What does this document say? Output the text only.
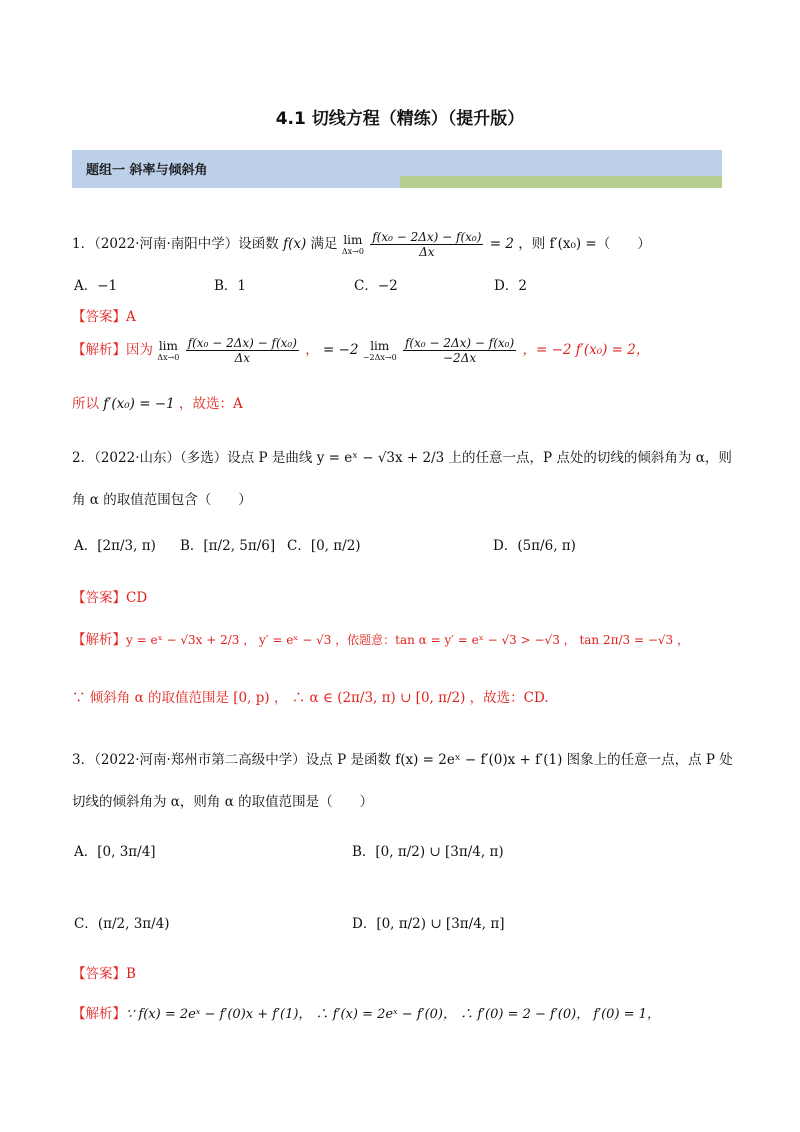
4.1 切线方程（精练）（提升版）
题组一 斜率与倾斜角
1．（2022·河南·南阳中学）设函数 f(x) 满足 lim
Δx→0
$\frac{\text{f(x₀ − 2Δx) − f(x₀)}}{\Delta x} = 2$ ，则 f′(x₀) =（　　）
A．−1	B．1	C．−2	D．2
【答案】A
【解析】因为 lim
Δx→0
$\frac{\text{f(x₀ − 2Δx) − f(x₀)}}{\Delta x}$ ， = −2 lim
−2Δx→0
$\frac{\text{f(x₀ − 2Δx) − f(x₀)}}{-2\Delta x}$ ，= −2 f′(x₀) = 2，
所以 f′(x₀) = −1 ，故选：A
2．（2022·山东）（多选）设点 P 是曲线 y = eˣ − √3x + 2/3 上的任意一点，P 点处的切线的倾斜角为 α，则
角 α 的取值范围包含（　　）
A．[2π/3, π) B．[π/2, 5π/6] C．[0, π/2)	D．(5π/6, π)
【答案】CD
【解析】y = eˣ − √3x + 2/3 ， y′ = eˣ − √3 ，依题意：tan α = y′ = eˣ − √3 > −√3 ， tan 2π/3 = −√3 ，
∵ 倾斜角 α 的取值范围是 [0, p) ， ∴ α ∈ (2π/3, π) ∪ [0, π/2) ，故选：CD.
3．（2022·河南·郑州市第二高级中学）设点 P 是函数 f(x) = 2eˣ − f′(0)x + f′(1) 图象上的任意一点，点 P 处
切线的倾斜角为 α，则角 α 的取值范围是（　　）
A．[0, 3π/4]	B．[0, π/2) ∪ [3π/4, π)
C．(π/2, 3π/4)	D．[0, π/2) ∪ [3π/4, π]
【答案】B
【解析】∵ f(x) = 2eˣ − f′(0)x + f′(1)， ∴ f′(x) = 2eˣ − f′(0)， ∴ f′(0) = 2 − f′(0)， f′(0) = 1，
